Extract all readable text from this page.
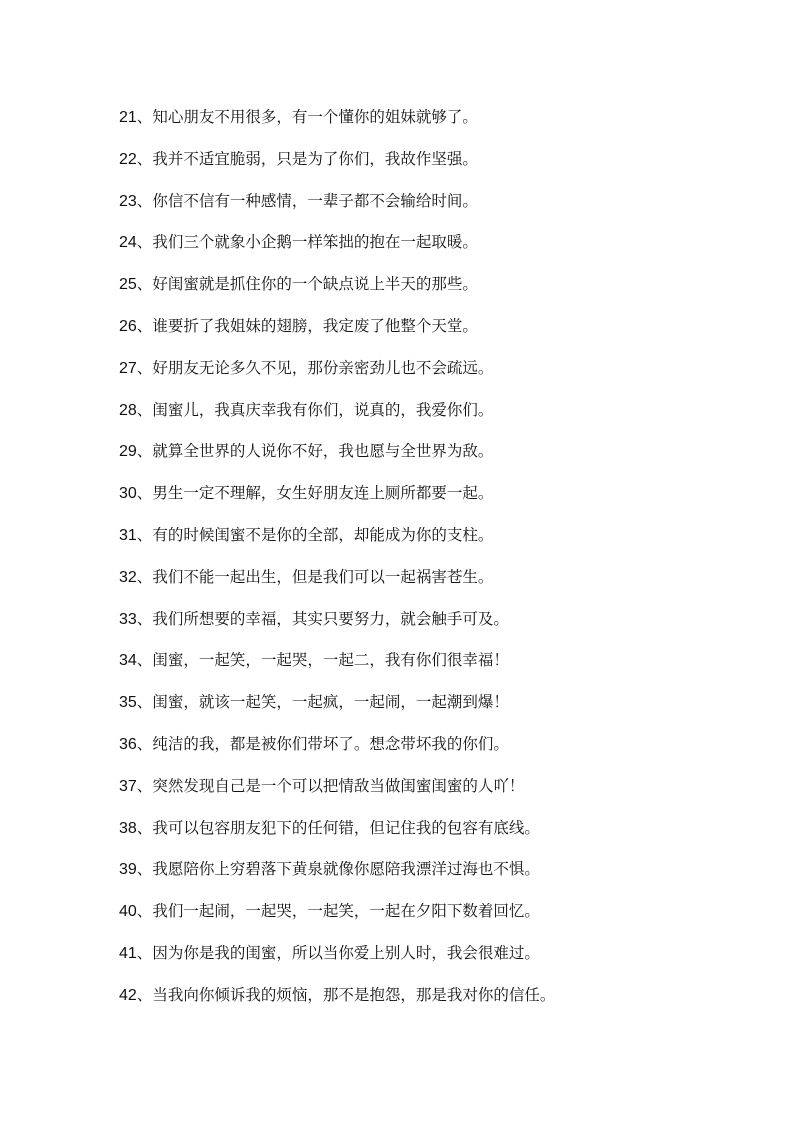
21、知心朋友不用很多，有一个懂你的姐妹就够了。
22、我并不适宜脆弱，只是为了你们，我故作坚强。
23、你信不信有一种感情，一辈子都不会输给时间。
24、我们三个就象小企鹅一样笨拙的抱在一起取暖。
25、好闺蜜就是抓住你的一个缺点说上半天的那些。
26、谁要折了我姐妹的翅膀，我定废了他整个天堂。
27、好朋友无论多久不见，那份亲密劲儿也不会疏远。
28、闺蜜儿，我真庆幸我有你们，说真的，我爱你们。
29、就算全世界的人说你不好，我也愿与全世界为敌。
30、男生一定不理解，女生好朋友连上厕所都要一起。
31、有的时候闺蜜不是你的全部，却能成为你的支柱。
32、我们不能一起出生，但是我们可以一起祸害苍生。
33、我们所想要的幸福，其实只要努力，就会触手可及。
34、闺蜜，一起笑，一起哭，一起二，我有你们很幸福！
35、闺蜜，就该一起笑，一起疯，一起闹，一起潮到爆！
36、纯洁的我，都是被你们带坏了。想念带坏我的你们。
37、突然发现自己是一个可以把情敌当做闺蜜闺蜜的人吖！
38、我可以包容朋友犯下的任何错，但记住我的包容有底线。
39、我愿陪你上穷碧落下黄泉就像你愿陪我漂洋过海也不惧。
40、我们一起闹，一起哭，一起笑，一起在夕阳下数着回忆。
41、因为你是我的闺蜜，所以当你爱上别人时，我会很难过。
42、当我向你倾诉我的烦恼，那不是抱怨，那是我对你的信任。
